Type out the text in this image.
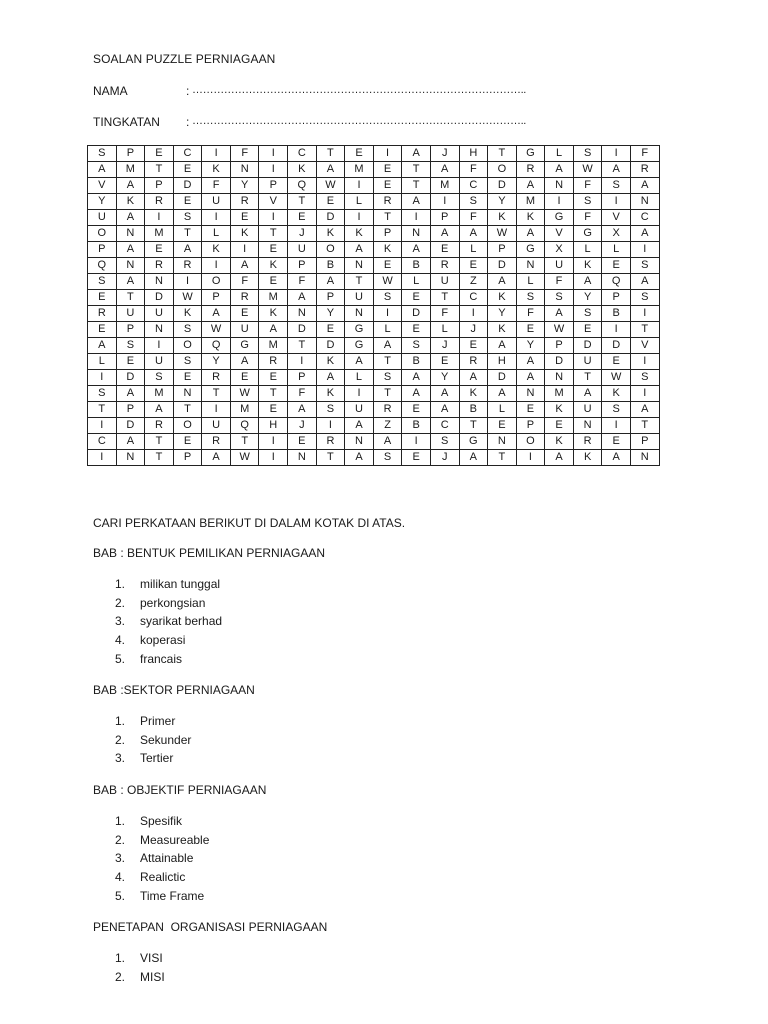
SOALAN PUZZLE PERNIAGAAN
NAMA	: …………………………………………………………………………………..
TINGKATAN : …………………………………………………………………………………..
S	P	E	C	I	F	I	C	T	E	I	A	J	H	T	G	L	S	I	F
A	M	T	E	K	N	I	K	A	M	E	T	A	F	O	R	A	W	A	R
V	A	P	D	F	Y	P	Q	W	I	E	T	M	C	D	A	N	F	S	A
Y	K	R	E	U	R	V	T	E	L	R	A	I	S	Y	M	I	S	I	N
U	A	I	S	I	E	I	E	D	I	T	I	P	F	K	K	G	F	V	C
O	N	M	T	L	K	T	J	K	K	P	N	A	A	W	A	V	G	X	A
P	A	E	A	K	I	E	U	O	A	K	A	E	L	P	G	X	L	L	I
Q	N	R	R	I	A	K	P	B	N	E	B	R	E	D	N	U	K	E	S
S	A	N	I	O	F	E	F	A	T	W	L	U	Z	A	L	F	A	Q	A
E	T	D	W	P	R	M	A	P	U	S	E	T	C	K	S	S	Y	P	S
R	U	U	K	A	E	K	N	Y	N	I	D	F	I	Y	F	A	S	B	I
E	P	N	S	W	U	A	D	E	G	L	E	L	J	K	E	W	E	I	T
A	S	I	O	Q	G	M	T	D	G	A	S	J	E	A	Y	P	D	D	V
L	E	U	S	Y	A	R	I	K	A	T	B	E	R	H	A	D	U	E	I
I	D	S	E	R	E	E	P	A	L	S	A	Y	A	D	A	N	T	W	S
S	A	M	N	T	W	T	F	K	I	T	A	A	K	A	N	M	A	K	I
T	P	A	T	I	M	E	A	S	U	R	E	A	B	L	E	K	U	S	A
I	D	R	O	U	Q	H	J	I	A	Z	B	C	T	E	P	E	N	I	T
C	A	T	E	R	T	I	E	R	N	A	I	S	G	N	O	K	R	E	P
I	N	T	P	A	W	I	N	T	A	S	E	J	A	T	I	A	K	A	N
CARI PERKATAAN BERIKUT DI DALAM KOTAK DI ATAS.
BAB : BENTUK PEMILIKAN PERNIAGAAN
1.	milikan tunggal
2.	perkongsian
3.	syarikat berhad
4.	koperasi
5.	francais
BAB :SEKTOR PERNIAGAAN
1.	Primer
2.	Sekunder
3.	Tertier
BAB : OBJEKTIF PERNIAGAAN
1.	Spesifik
2.	Measureable
3.	Attainable
4.	Realictic
5.	Time Frame
PENETAPAN  ORGANISASI PERNIAGAAN
1.	VISI
2.	MISI
